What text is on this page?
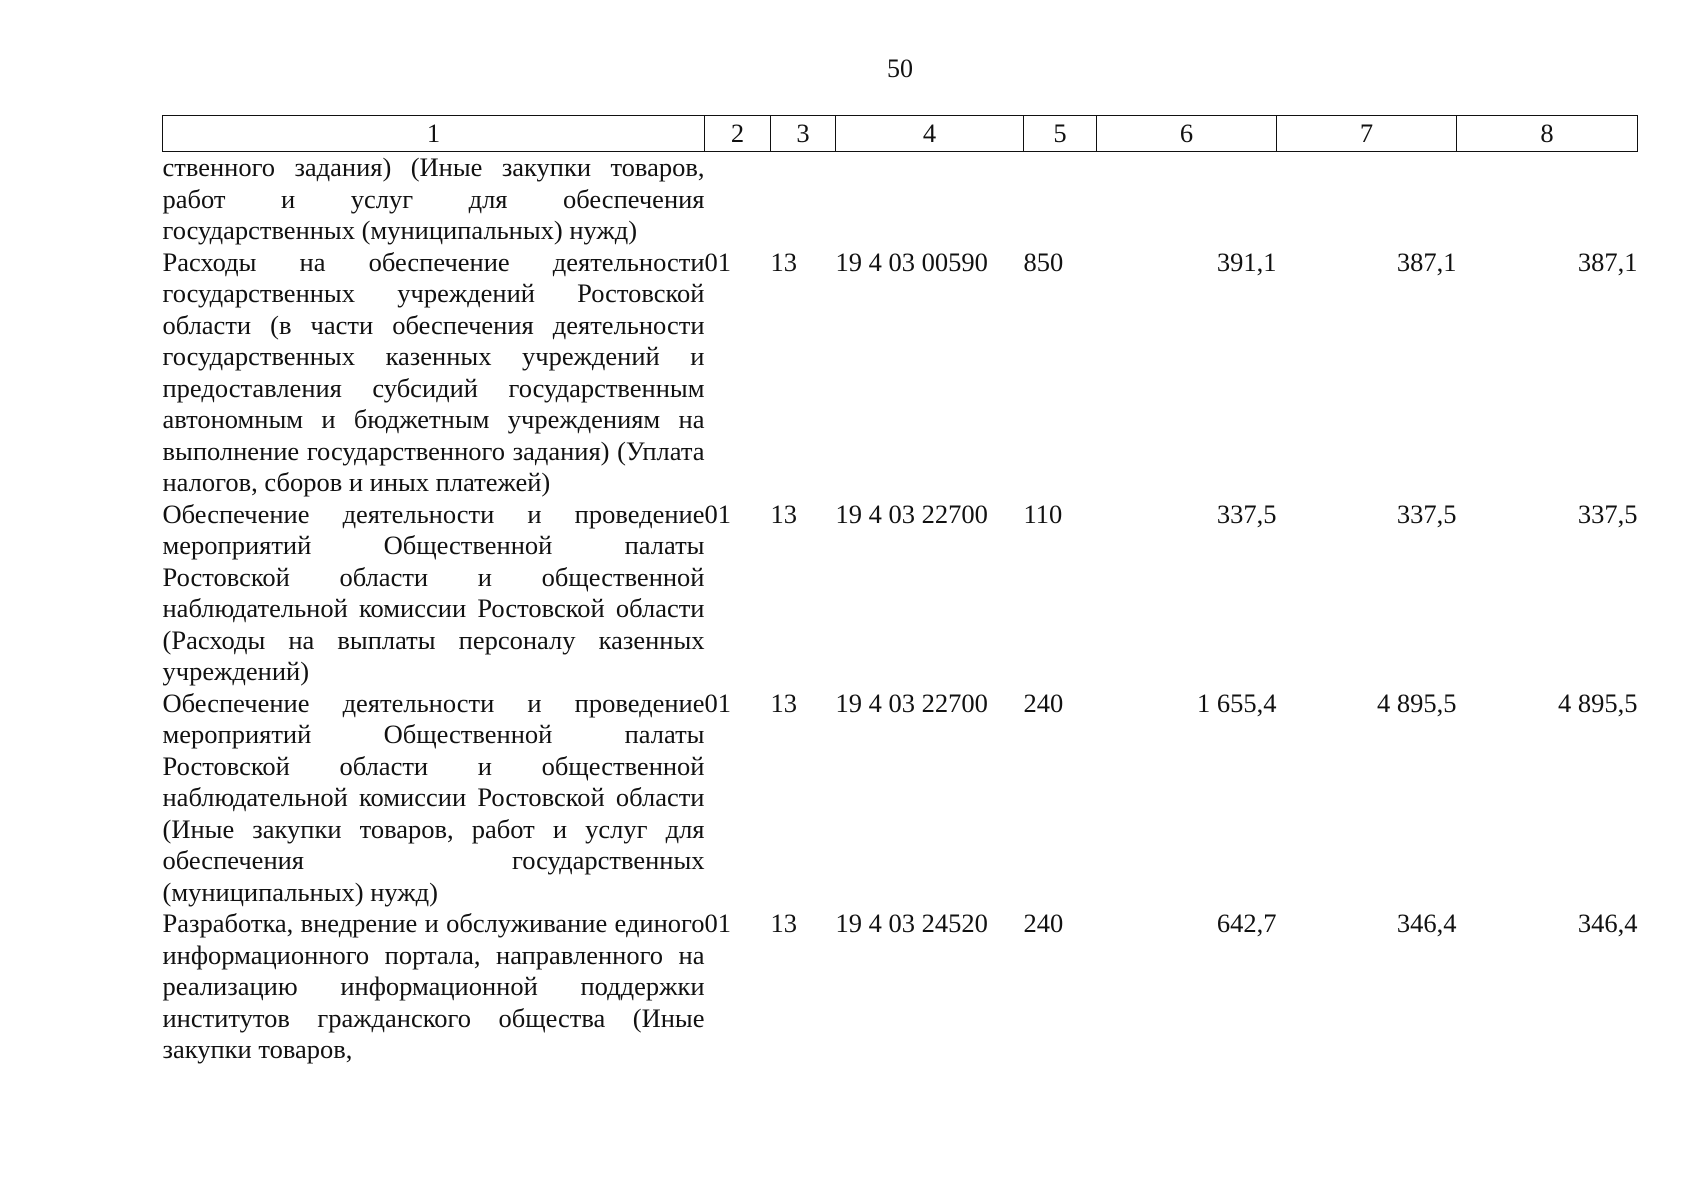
50
1	2	3	4	5	6	7	8
ственного задания) (Иные закупки товаров, работ и услуг для обеспечения государственных (муниципальных) нужд)							
Расходы на обеспечение деятельности государственных учреждений Ростовской области (в части обеспечения деятельности государственных казенных учреждений и предоставления субсидий государственным автономным и бюджетным учреждениям на выполнение государственного задания) (Уплата налогов, сборов и иных платежей)	01	13	19 4 03 00590	850	391,1	387,1	387,1
Обеспечение деятельности и проведение мероприятий Общественной палаты Ростовской области и общественной наблюдательной комиссии Ростовской области (Расходы на выплаты персоналу казенных учреждений)	01	13	19 4 03 22700	110	337,5	337,5	337,5
Обеспечение деятельности и проведение мероприятий Общественной палаты Ростовской области и общественной наблюдательной комиссии Ростовской области (Иные закупки товаров, работ и услуг для обеспечения государственных (муниципальных) нужд)	01	13	19 4 03 22700	240	1 655,4	4 895,5	4 895,5
Разработка, внедрение и обслуживание единого информационного портала, направленного на реализацию информационной поддержки институтов гражданского общества (Иные закупки товаров,	01	13	19 4 03 24520	240	642,7	346,4	346,4
